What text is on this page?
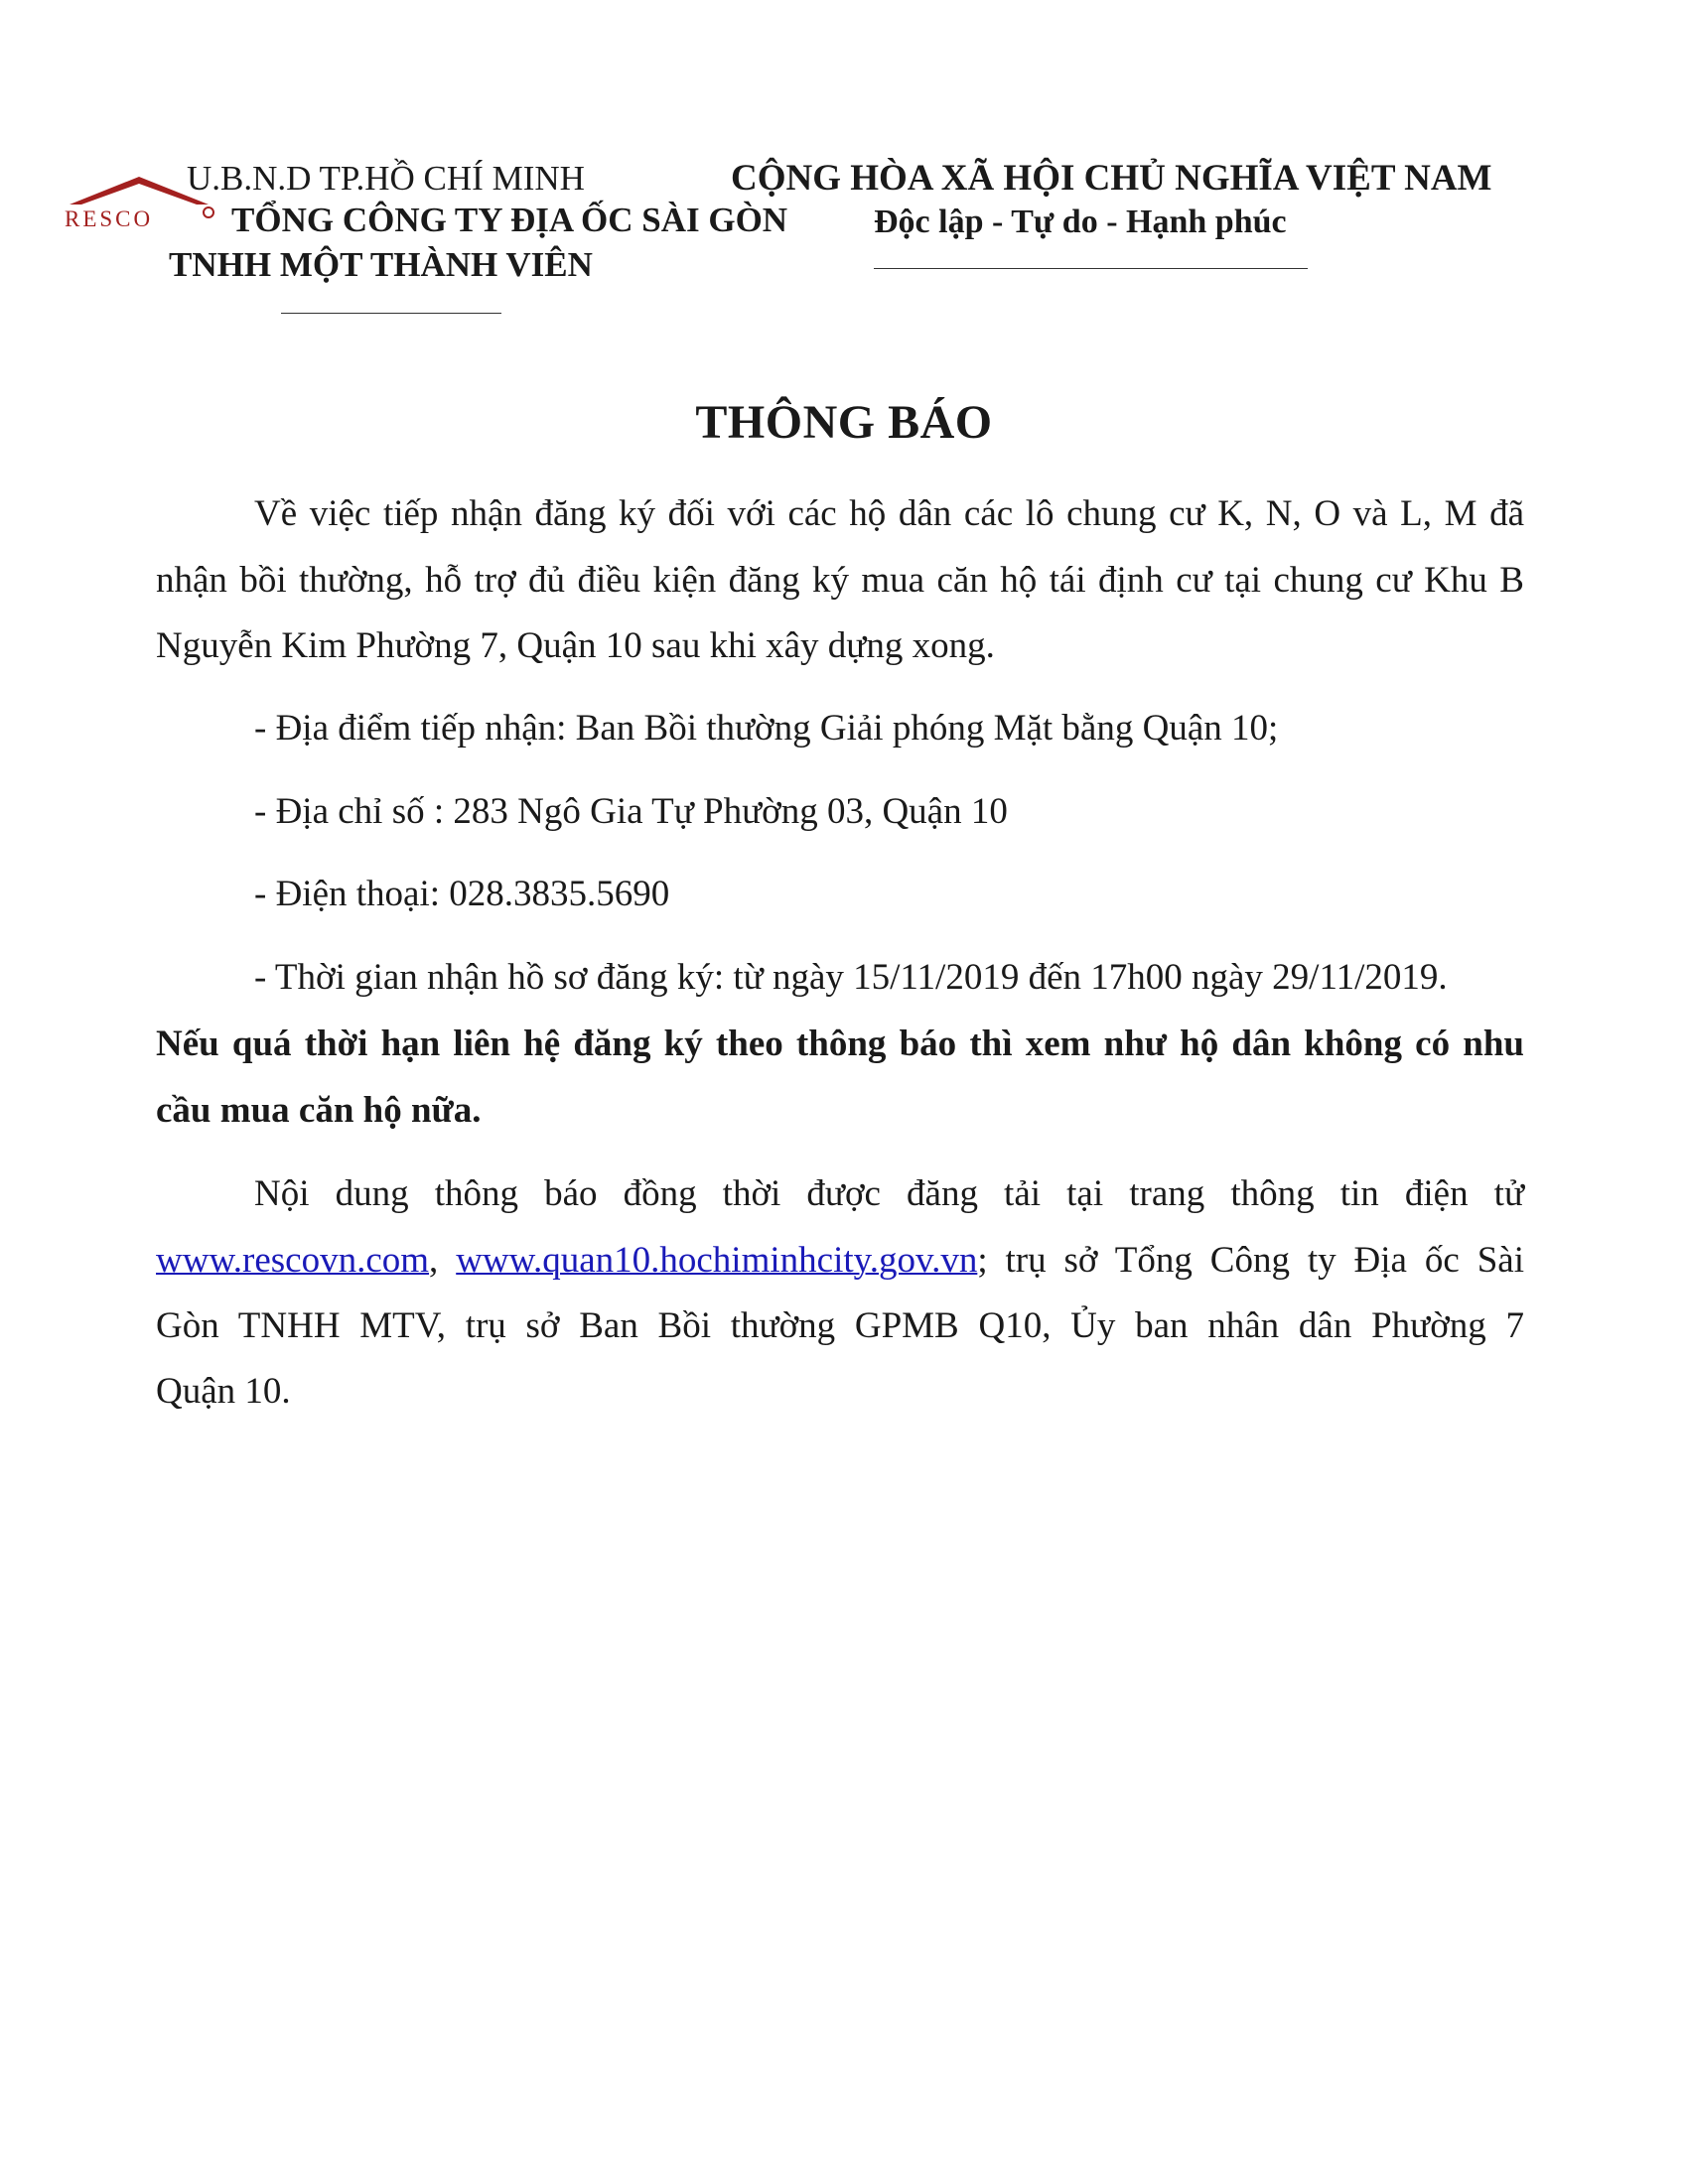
RESCO
U.B.N.D TP.HỒ CHÍ MINH
TỔNG CÔNG TY ĐỊA ỐC SÀI GÒN
TNHH MỘT THÀNH VIÊN
CỘNG HÒA XÃ HỘI CHỦ NGHĨA VIỆT NAM
Độc lập - Tự do - Hạnh phúc
THÔNG BÁO
Về việc tiếp nhận đăng ký đối với các hộ dân các lô chung cư K, N, O và L, M đã
nhận bồi thường, hỗ trợ đủ điều kiện đăng ký mua căn hộ tái định cư tại chung cư Khu B
Nguyễn Kim Phường 7, Quận 10 sau khi xây dựng xong.
- Địa điểm tiếp nhận: Ban Bồi thường Giải phóng Mặt bằng Quận 10;
- Địa chỉ số : 283 Ngô Gia Tự Phường 03, Quận 10
- Điện thoại: 028.3835.5690
- Thời gian nhận hồ sơ đăng ký: từ ngày 15/11/2019 đến 17h00 ngày 29/11/2019.
Nếu quá thời hạn liên hệ đăng ký theo thông báo thì xem như hộ dân không có nhu
cầu mua căn hộ nữa.
Nội dung thông báo đồng thời được đăng tải tại trang thông tin điện tử
www.rescovn.com, www.quan10.hochiminhcity.gov.vn; trụ sở Tổng Công ty Địa ốc Sài
Gòn TNHH MTV, trụ sở Ban Bồi thường GPMB Q10, Ủy ban nhân dân Phường 7
Quận 10.
